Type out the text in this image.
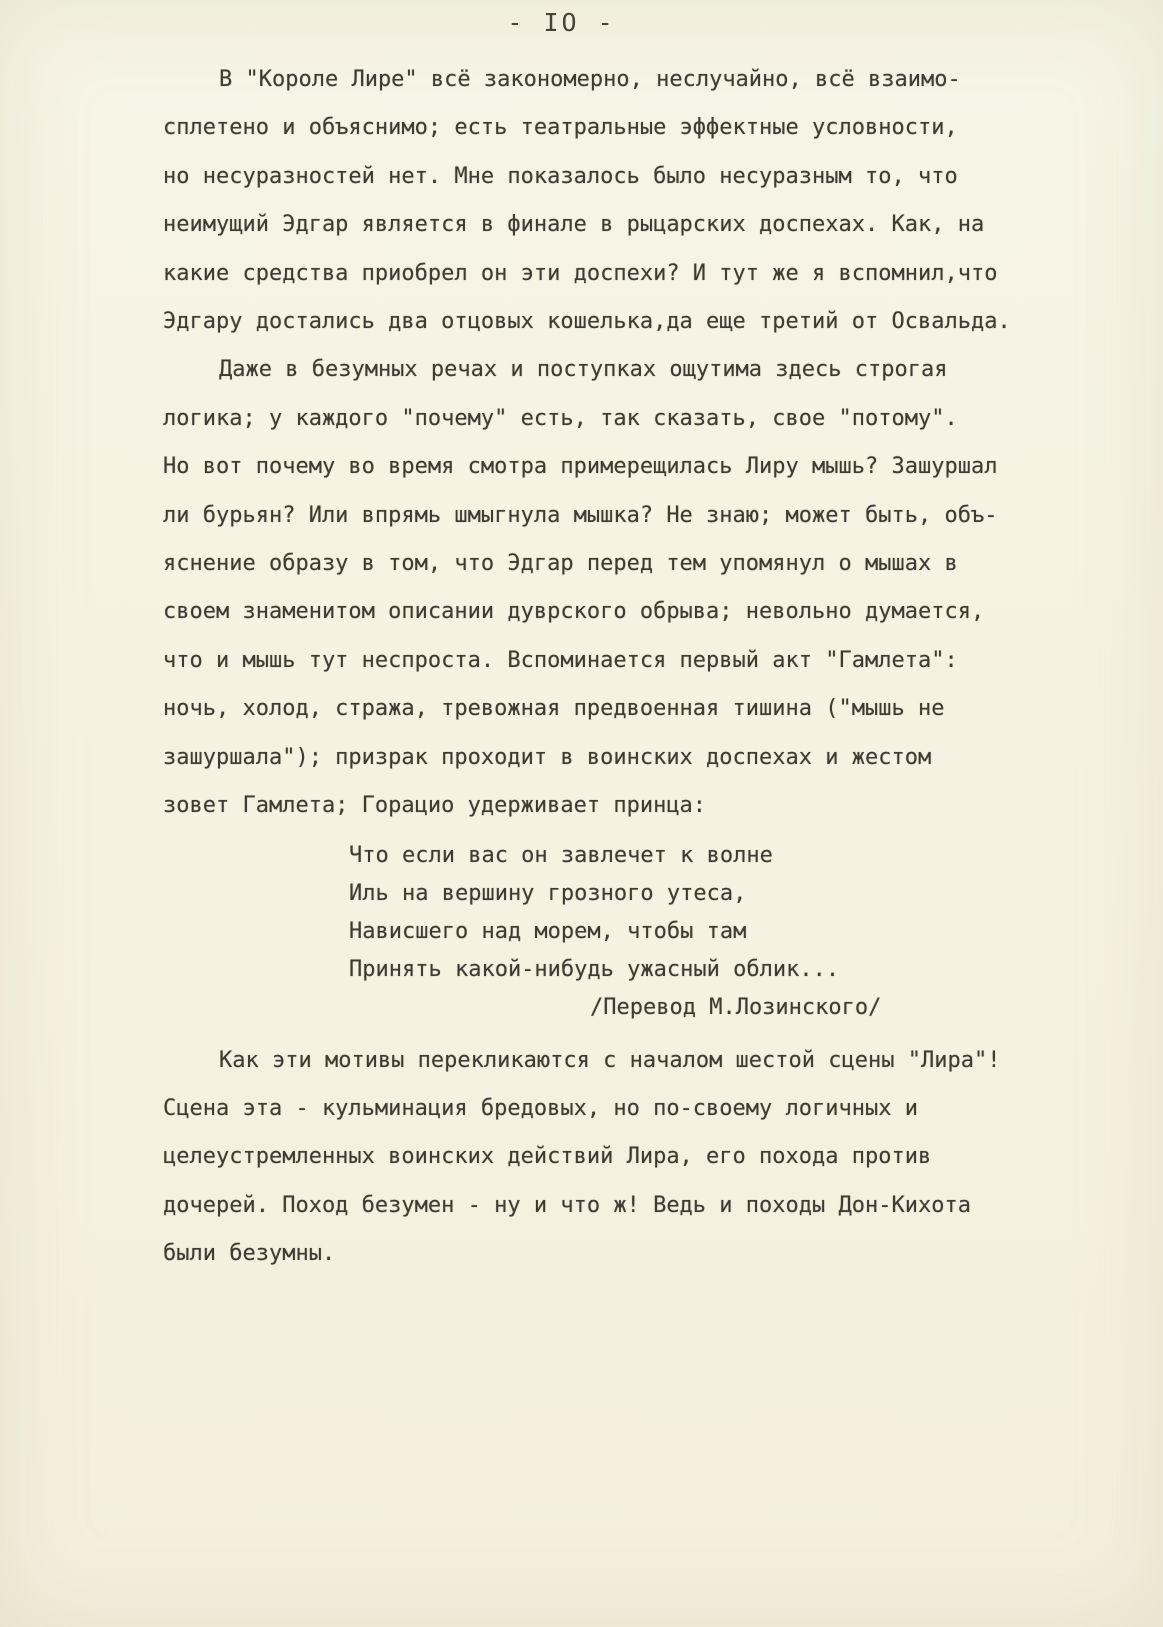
- IO -
В "Короле Лире" всё закономерно, неслучайно, всё взаимо-
сплетено и объяснимо; есть театральные эффектные условности,
но несуразностей нет. Мне показалось было несуразным то, что
неимущий Эдгар является в финале в рыцарских доспехах. Как, на
какие средства приобрел он эти доспехи? И тут же я вспомнил,что
Эдгару достались два отцовых кошелька,да еще третий от Освальда.
Даже в безумных речах и поступках ощутима здесь строгая
логика; у каждого "почему" есть, так сказать, свое "потому".
Но вот почему во время смотра примерещилась Лиру мышь? Зашуршал
ли бурьян? Или впрямь шмыгнула мышка? Не знаю; может быть, объ-
яснение образу в том, что Эдгар перед тем упомянул о мышах в
своем знаменитом описании дуврского обрыва; невольно думается,
что и мышь тут неспроста. Вспоминается первый акт "Гамлета":
ночь, холод, стража, тревожная предвоенная тишина ("мышь не
зашуршала"); призрак проходит в воинских доспехах и жестом
зовет Гамлета; Горацио удерживает принца:
Что если вас он завлечет к волне
Иль на вершину грозного утеса,
Нависшего над морем, чтобы там
Принять какой-нибудь ужасный облик...
/Перевод М.Лозинского/
Как эти мотивы перекликаются с началом шестой сцены "Лира"!
Сцена эта - кульминация бредовых, но по-своему логичных и
целеустремленных воинских действий Лира, его похода против
дочерей. Поход безумен - ну и что ж! Ведь и походы Дон-Кихота
были безумны.
